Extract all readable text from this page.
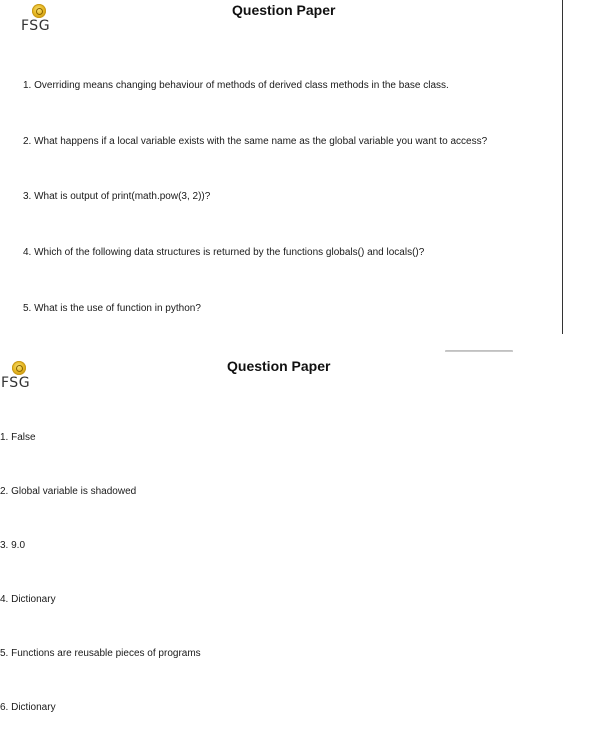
FSG
Question Paper
1. Overriding means changing behaviour of methods of derived class methods in the base class.
2. What happens if a local variable exists with the same name as the global variable you want to access?
3. What is output of print(math.pow(3, 2))?
4. Which of the following data structures is returned by the functions globals() and locals()?
5. What is the use of function in python?
FSG
Question Paper
1. False
2. Global variable is shadowed
3. 9.0
4. Dictionary
5. Functions are reusable pieces of programs
6. Dictionary
